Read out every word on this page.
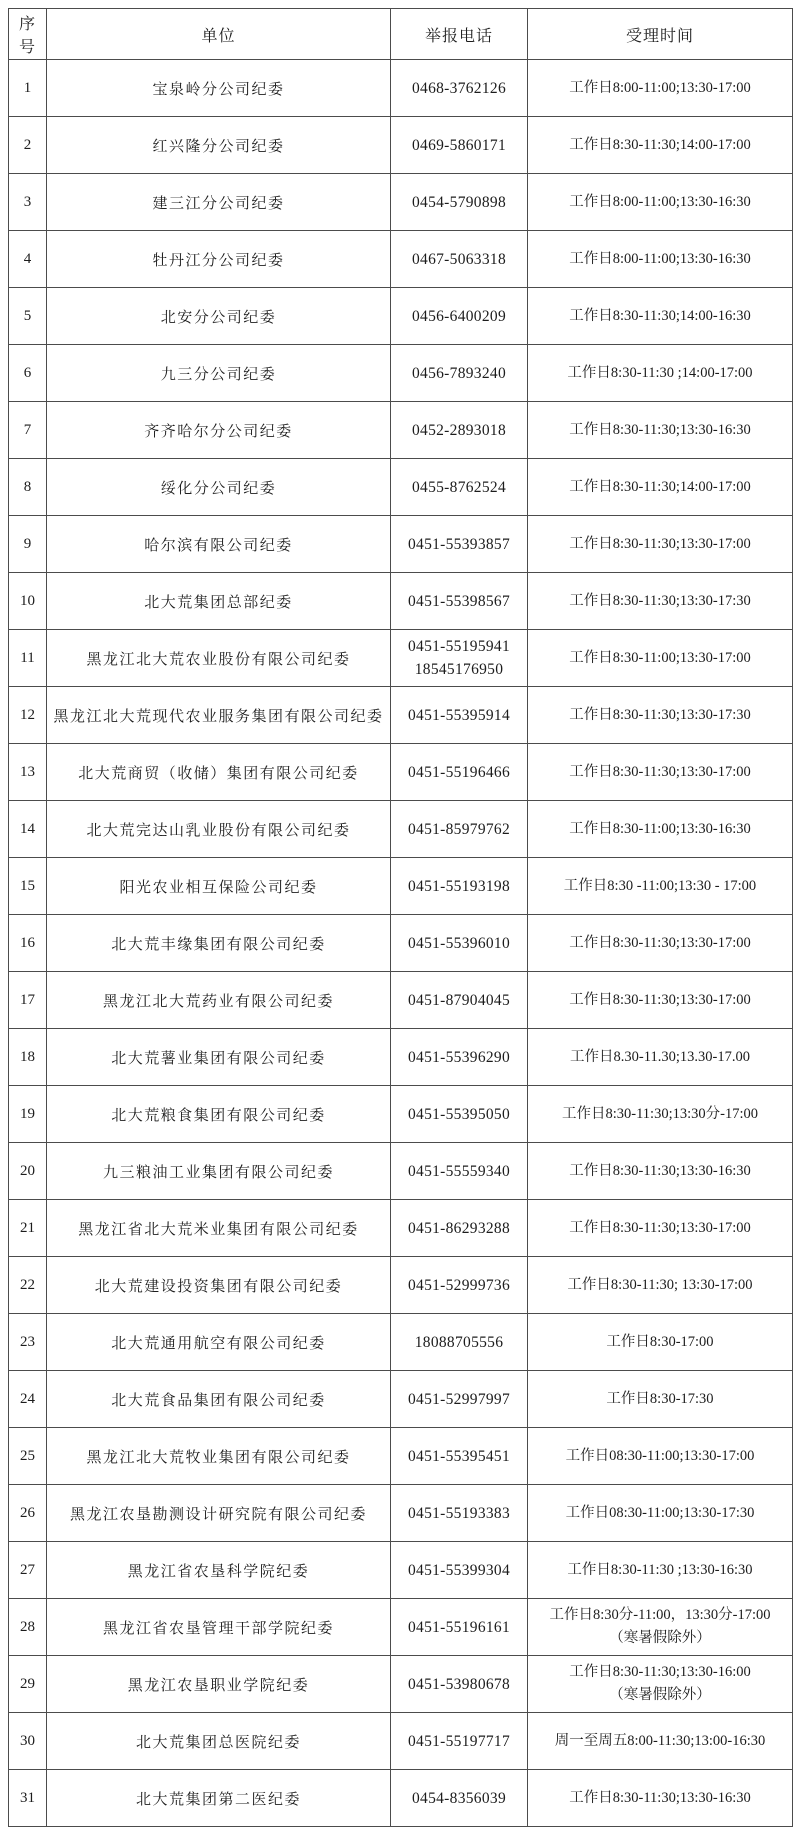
序号	单位	举报电话	受理时间
1	宝泉岭分公司纪委	0468-3762126	工作日8:00-11:00;13:30-17:00

2	红兴隆分公司纪委	0469-5860171	工作日8:30-11:30;14:00-17:00

3	建三江分公司纪委	0454-5790898	工作日8:00-11:00;13:30-16:30

4	牡丹江分公司纪委	0467-5063318	工作日8:00-11:00;13:30-16:30

5	北安分公司纪委	0456-6400209	工作日8:30-11:30;14:00-16:30

6	九三分公司纪委	0456-7893240	工作日8:30-11:30 ;14:00-17:00

7	齐齐哈尔分公司纪委	0452-2893018	工作日8:30-11:30;13:30-16:30

8	绥化分公司纪委	0455-8762524	工作日8:30-11:30;14:00-17:00

9	哈尔滨有限公司纪委	0451-55393857	工作日8:30-11:30;13:30-17:00

10	北大荒集团总部纪委	0451-55398567	工作日8:30-11:30;13:30-17:30

11	黑龙江北大荒农业股份有限公司纪委	0451-55195941
18545176950	工作日8:30-11:00;13:30-17:00

12	黑龙江北大荒现代农业服务集团有限公司纪委	0451-55395914	工作日8:30-11:30;13:30-17:30

13	北大荒商贸（收储）集团有限公司纪委	0451-55196466	工作日8:30-11:30;13:30-17:00

14	北大荒完达山乳业股份有限公司纪委	0451-85979762	工作日8:30-11:00;13:30-16:30

15	阳光农业相互保险公司纪委	0451-55193198	工作日8:30 -11:00;13:30 - 17:00

16	北大荒丰缘集团有限公司纪委	0451-55396010	工作日8:30-11:30;13:30-17:00

17	黑龙江北大荒药业有限公司纪委	0451-87904045	工作日8:30-11:30;13:30-17:00

18	北大荒薯业集团有限公司纪委	0451-55396290	工作日8.30-11.30;13.30-17.00

19	北大荒粮食集团有限公司纪委	0451-55395050	工作日8:30-11:30;13:30分-17:00

20	九三粮油工业集团有限公司纪委	0451-55559340	工作日8:30-11:30;13:30-16:30

21	黑龙江省北大荒米业集团有限公司纪委	0451-86293288	工作日8:30-11:30;13:30-17:00

22	北大荒建设投资集团有限公司纪委	0451-52999736	工作日8:30-11:30; 13:30-17:00

23	北大荒通用航空有限公司纪委	18088705556	工作日8:30-17:00

24	北大荒食品集团有限公司纪委	0451-52997997	工作日8:30-17:30

25	黑龙江北大荒牧业集团有限公司纪委	0451-55395451	工作日08:30-11:00;13:30-17:00

26	黑龙江农垦勘测设计研究院有限公司纪委	0451-55193383	工作日08:30-11:00;13:30-17:30

27	黑龙江省农垦科学院纪委	0451-55399304	工作日8:30-11:30 ;13:30-16:30

28	黑龙江省农垦管理干部学院纪委	0451-55196161	工作日8:30分-11:00，13:30分-17:00
（寒暑假除外）

29	黑龙江农垦职业学院纪委	0451-53980678	工作日8:30-11:30;13:30-16:00
（寒暑假除外）

30	北大荒集团总医院纪委	0451-55197717	周一至周五8:00-11:30;13:00-16:30

31	北大荒集团第二医纪委	0454-8356039	工作日8:30-11:30;13:30-16:30
